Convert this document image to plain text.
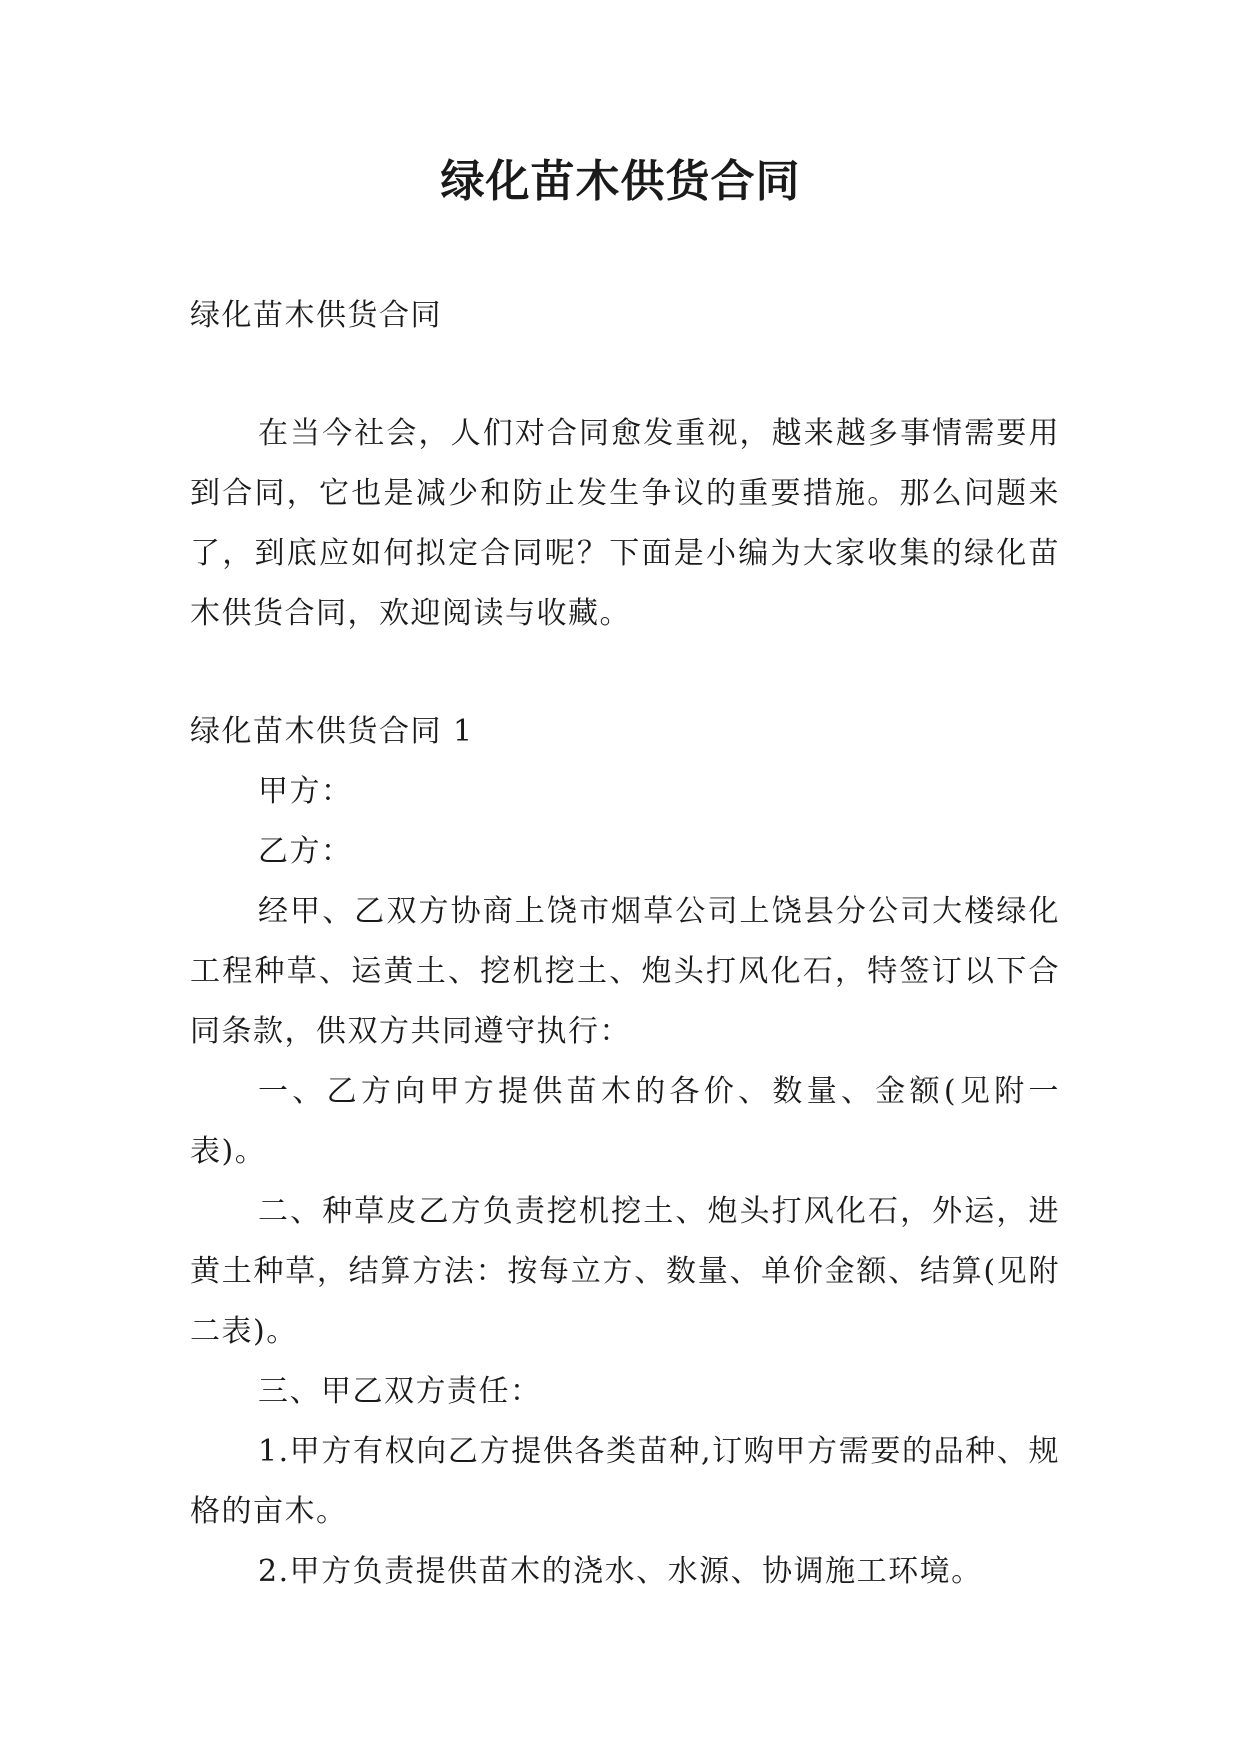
绿化苗木供货合同

绿化苗木供货合同

在当今社会，人们对合同愈发重视，越来越多事情需要用到合同，它也是减少和防止发生争议的重要措施。那么问题来了，到底应如何拟定合同呢？下面是小编为大家收集的绿化苗木供货合同，欢迎阅读与收藏。

绿化苗木供货合同 1

甲方：

乙方：

经甲、乙双方协商上饶市烟草公司上饶县分公司大楼绿化工程种草、运黄土、挖机挖土、炮头打风化石，特签订以下合同条款，供双方共同遵守执行：

一、乙方向甲方提供苗木的各价、数量、金额(见附一表)。

二、种草皮乙方负责挖机挖土、炮头打风化石，外运，进黄土种草，结算方法：按每立方、数量、单价金额、结算(见附二表)。

三、甲乙双方责任：

1.甲方有权向乙方提供各类苗种,订购甲方需要的品种、规格的亩木。

2.甲方负责提供苗木的浇水、水源、协调施工环境。
